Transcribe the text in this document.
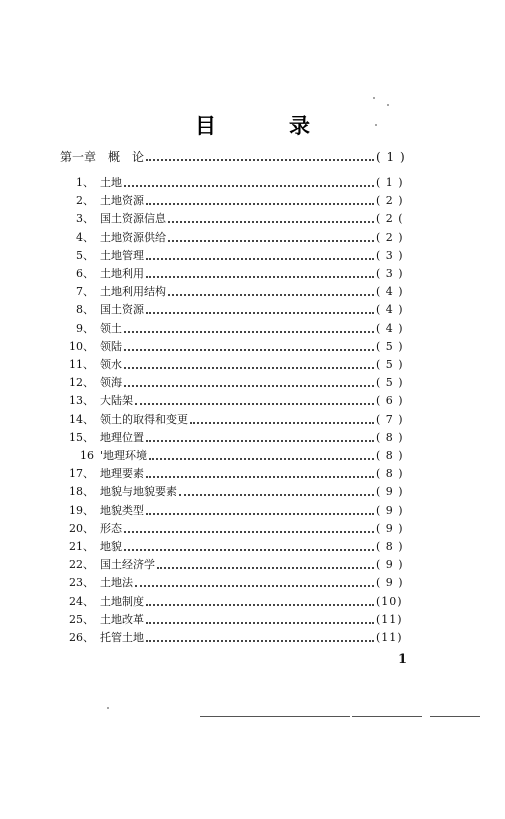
目　录
第一章　概　论	( 1 )
1、 土地	( 1 )
2、 土地资源	( 2 )
3、 国土资源信息	( 2 (
4、 土地资源供给	( 2 )
5、 土地管理	( 3 )
6、 土地利用	( 3 )
7、 土地利用结构	( 4 )
8、 国土资源	( 4 )
9、 领土	( 4 )
10、 领陆	( 5 )
11、 领水	( 5 )
12、 领海	( 5 )
13、 大陆架	( 6 )
14、 领土的取得和变更	( 7 )
15、 地理位置	( 8 )
16 '地理环境	( 8 )
17、 地理要素	( 8 )
18、 地貌与地貌要素	( 9 )
19、 地貌类型	( 9 )
20、 形态	( 9 )
21、 地貌	( 8 )
22、 国土经济学	( 9 )
23、 土地法	( 9 )
24、 土地制度	(10)
25、 土地改革	(11)
26、 托管土地	(11)
1
